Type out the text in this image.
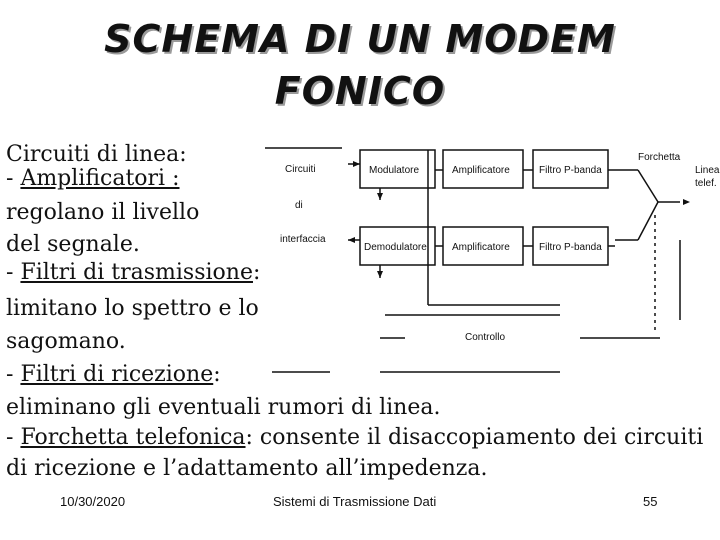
SCHEMA DI UN MODEM
FONICO
Circuiti di linea:
- Amplificatori :
regolano il livello
del segnale.
- Filtri di trasmissione:
limitano lo spettro e lo
sagomano.
- Filtri di ricezione:
eliminano gli eventuali rumori di linea.
- Forchetta telefonica: consente il disaccopiamento dei circuiti
di ricezione e l’adattamento all’impedenza.
Circuiti
di
interfaccia
Modulatore	Amplificatore	Filtro P-banda
Forchetta
Linea
telef.
Demodulatore	Amplificatore	Filtro P-banda
Controllo
10/30/2020	Sistemi di Trasmissione Dati	55
